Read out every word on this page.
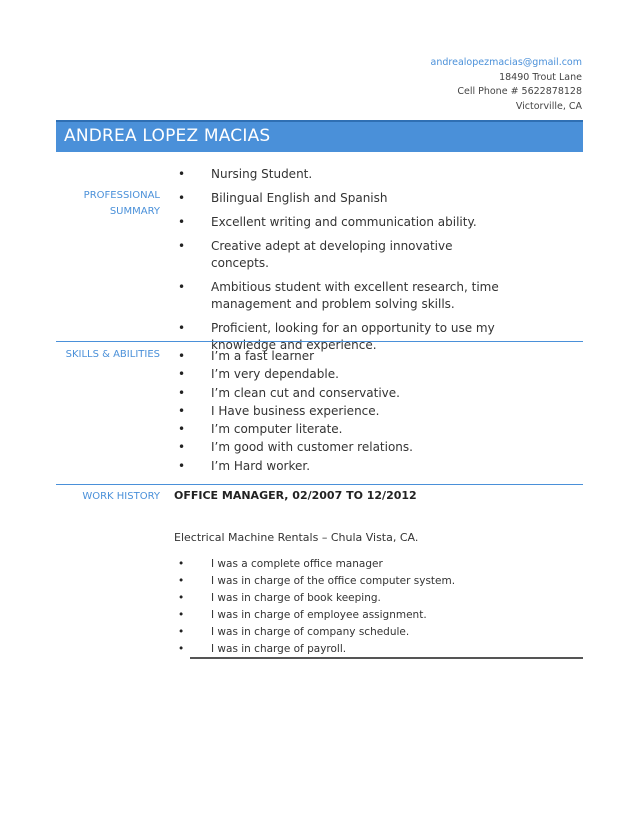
andrealopezmacias@gmail.com
18490 Trout Lane
Cell Phone # 5622878128
Victorville, CA
ANDREA LOPEZ MACIAS
PROFESSIONAL
SUMMARY
• Nursing Student.
• Bilingual English and Spanish
• Excellent writing and communication ability.
• Creative adept at developing innovative concepts.
• Ambitious student with excellent research, time management and problem solving skills.
• Proficient, looking for an opportunity to use my knowledge and experience.
SKILLS & ABILITIES
•	I’m a fast learner
• I’m very dependable.
• I’m clean cut and conservative.
• I Have business experience.
• I’m computer literate.
• I’m good with customer relations.
• I’m Hard worker.
WORK HISTORY OFFICE MANAGER, 02/2007 TO 12/2012
Electrical Machine Rentals – Chula Vista, CA.
• I was a complete office manager
• I was in charge of the office computer system.
• I was in charge of book keeping.
• I was in charge of employee assignment.
• I was in charge of company schedule.
• I was in charge of payroll.
